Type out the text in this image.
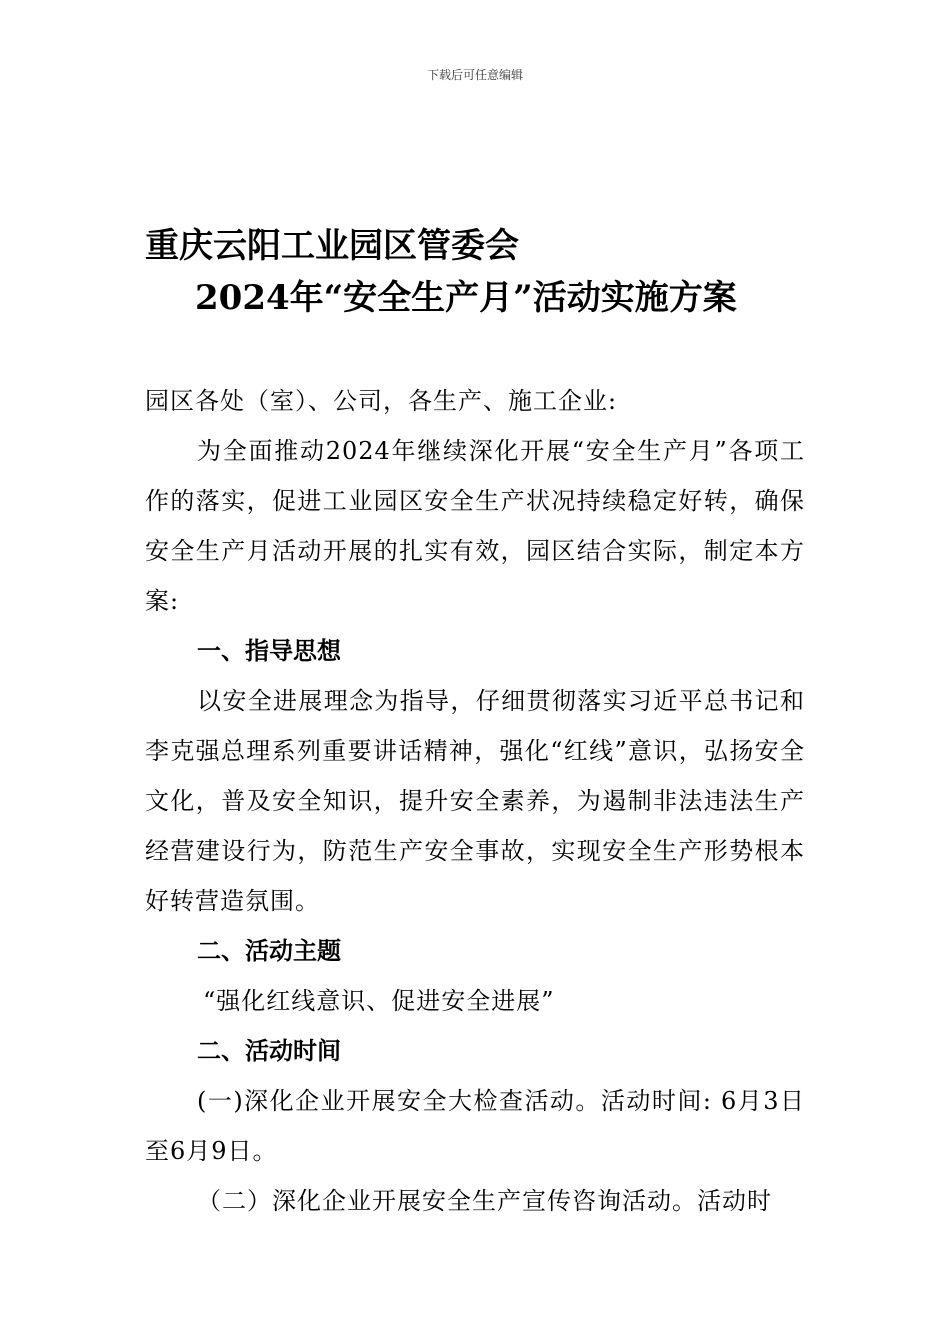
下载后可任意编辑
重庆云阳工业园区管委会
2024年“安全生产月”活动实施方案

园区各处（室）、公司，各生产、施工企业:

为全面推动2024年继续深化开展“安全生产月”各项工作的落实，促进工业园区安全生产状况持续稳定好转，确保安全生产月活动开展的扎实有效，园区结合实际，制定本方案:

一、指导思想

以安全进展理念为指导，仔细贯彻落实习近平总书记和李克强总理系列重要讲话精神，强化“红线”意识，弘扬安全文化，普及安全知识，提升安全素养，为遏制非法违法生产经营建设行为，防范生产安全事故，实现安全生产形势根本好转营造氛围。

二、活动主题

“强化红线意识、促进安全进展”

二、活动时间

(一)深化企业开展安全大检查活动。活动时间: 6月3日至6月9日。

（二）深化企业开展安全生产宣传咨询活动。活动时
